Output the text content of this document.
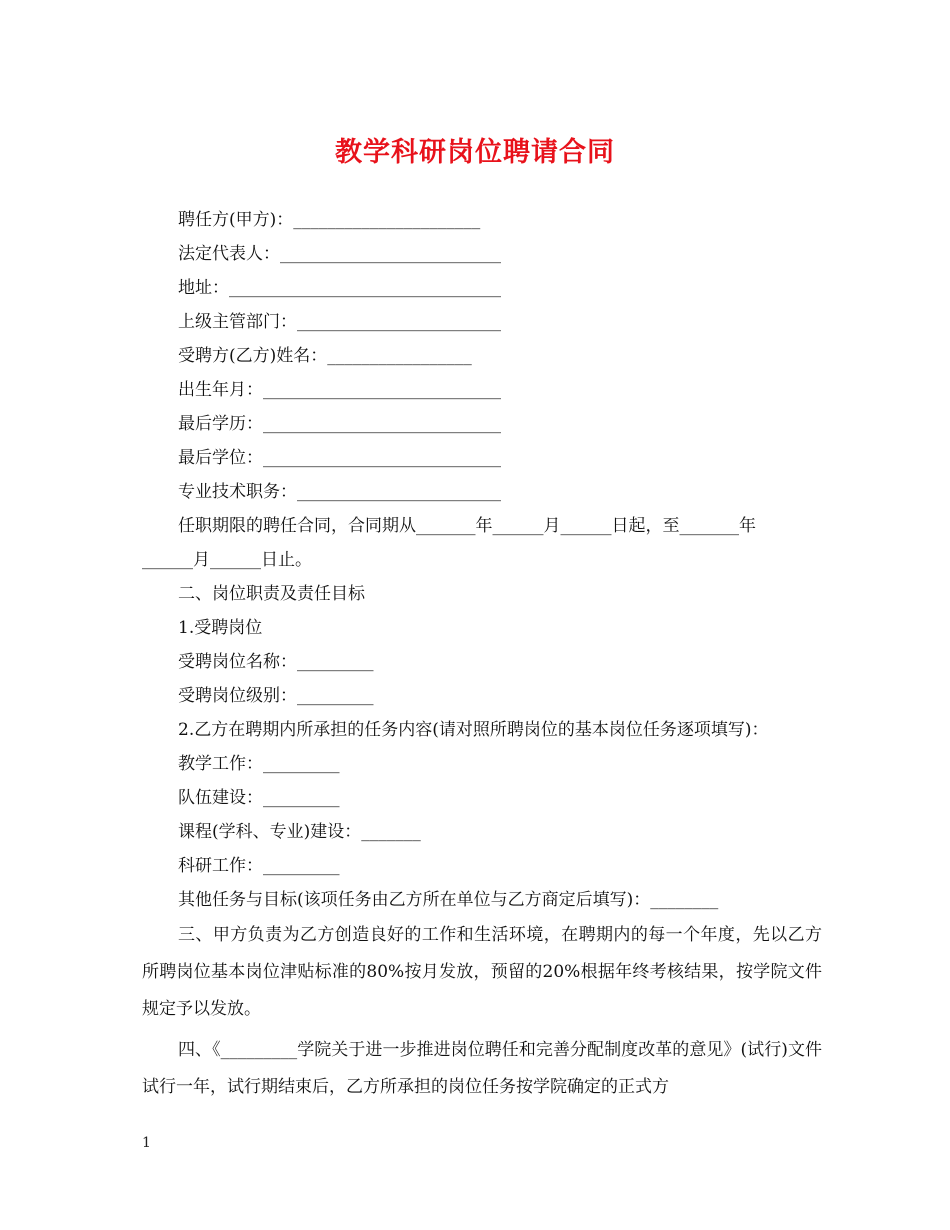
教学科研岗位聘请合同
聘任方(甲方)：______________________
法定代表人：__________________________
地址：________________________________
上级主管部门：________________________
受聘方(乙方)姓名：_________________
出生年月：____________________________
最后学历：____________________________
最后学位：____________________________
专业技术职务：________________________
任职期限的聘任合同，合同期从_______年______月______日起，至_______年
______月______日止。
二、岗位职责及责任目标
1.受聘岗位
受聘岗位名称：_________
受聘岗位级别：_________
2.乙方在聘期内所承担的任务内容(请对照所聘岗位的基本岗位任务逐项填写)：
教学工作：_________
队伍建设：_________
课程(学科、专业)建设：_______
科研工作：_________
其他任务与目标(该项任务由乙方所在单位与乙方商定后填写)：________

三、甲方负责为乙方创造良好的工作和生活环境，在聘期内的每一个年度，先以乙方所聘岗位基本岗位津贴标准的80%按月发放，预留的20%根据年终考核结果，按学院文件规定予以发放。

四、《_________学院关于进一步推进岗位聘任和完善分配制度改革的意见》(试行)文件试行一年，试行期结束后，乙方所承担的岗位任务按学院确定的正式方

1
